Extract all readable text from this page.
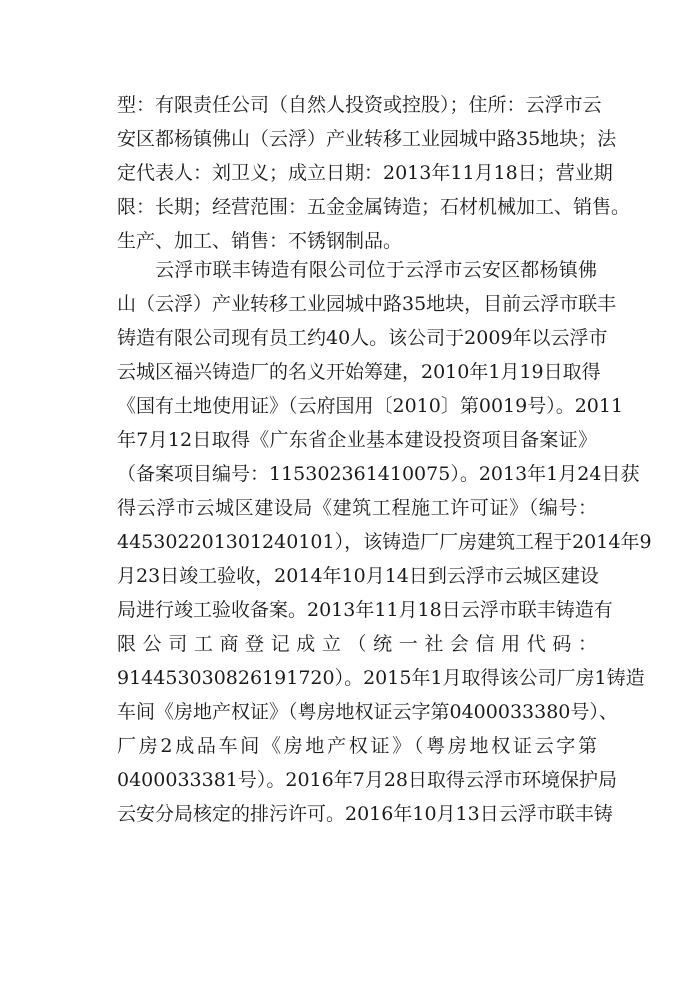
型：有限责任公司（自然人投资或控股）；住所：云浮市云
安区都杨镇佛山（云浮）产业转移工业园城中路35地块；法
定代表人：刘卫义；成立日期：2013年11月18日；营业期
限：长期；经营范围：五金金属铸造；石材机械加工、销售。
生产、加工、销售：不锈钢制品。
云浮市联丰铸造有限公司位于云浮市云安区都杨镇佛
山（云浮）产业转移工业园城中路35地块，目前云浮市联丰
铸造有限公司现有员工约40人。该公司于2009年以云浮市
云城区福兴铸造厂的名义开始筹建，2010年1月19日取得
《国有土地使用证》（云府国用〔2010〕第0019号）。2011
年7月12日取得《广东省企业基本建设投资项目备案证》
（备案项目编号：115302361410075）。2013年1月24日获
得云浮市云城区建设局《建筑工程施工许可证》（编号：
445302201301240101），该铸造厂厂房建筑工程于2014年9
月23日竣工验收，2014年10月14日到云浮市云城区建设
局进行竣工验收备案。2013年11月18日云浮市联丰铸造有
限公司工商登记成立（统一社会信用代码：
914453030826191720）。2015年1月取得该公司厂房1铸造
车间《房地产权证》（粤房地权证云字第0400033380号）、
厂房2成品车间《房地产权证》（粤房地权证云字第
0400033381号）。2016年7月28日取得云浮市环境保护局
云安分局核定的排污许可。2016年10月13日云浮市联丰铸
